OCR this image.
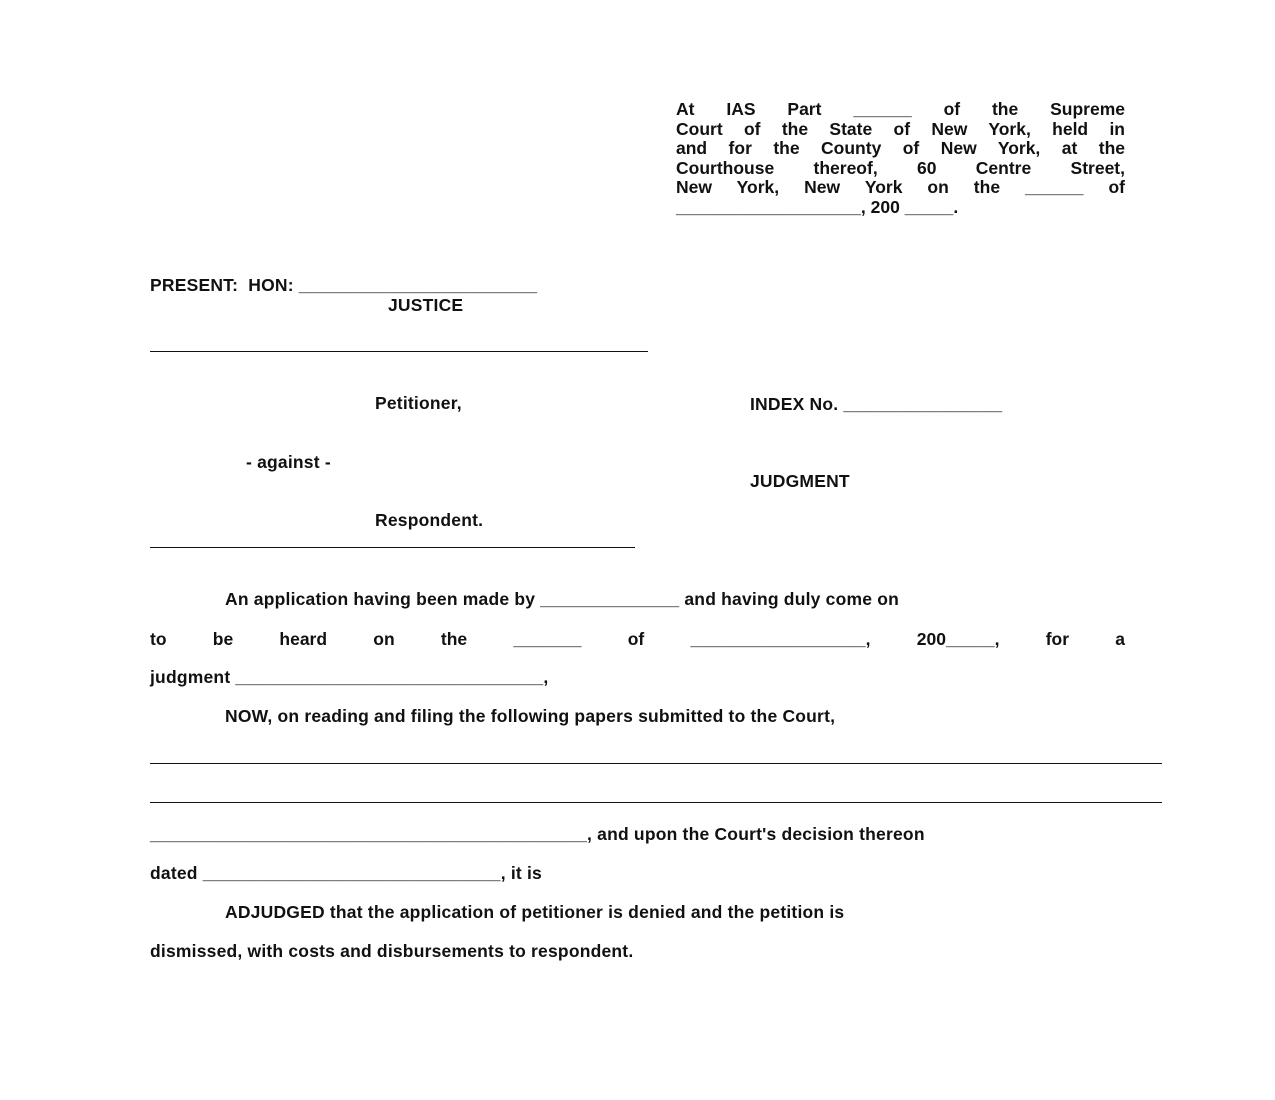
At IAS Part ______ of the Supreme
Court of the State of New York, held in
and for the County of New York, at the
Courthouse thereof, 60 Centre Street,
New York, New York on the ______ of
___________________, 200 _____.
PRESENT:  HON: ________________________
JUSTICE
Petitioner,	INDEX No. ________________
- against -
JUDGMENT
Respondent.
An application having been made by ______________ and having duly come on
to	be	heard	on	the	_______	of	__________________,	200_____,	for	a
judgment _______________________________,
NOW, on reading and filing the following papers submitted to the Court,
____________________________________________, and upon the Court's decision thereon
dated ______________________________, it is
ADJUDGED that the application of petitioner is denied and the petition is
dismissed, with costs and disbursements to respondent.
